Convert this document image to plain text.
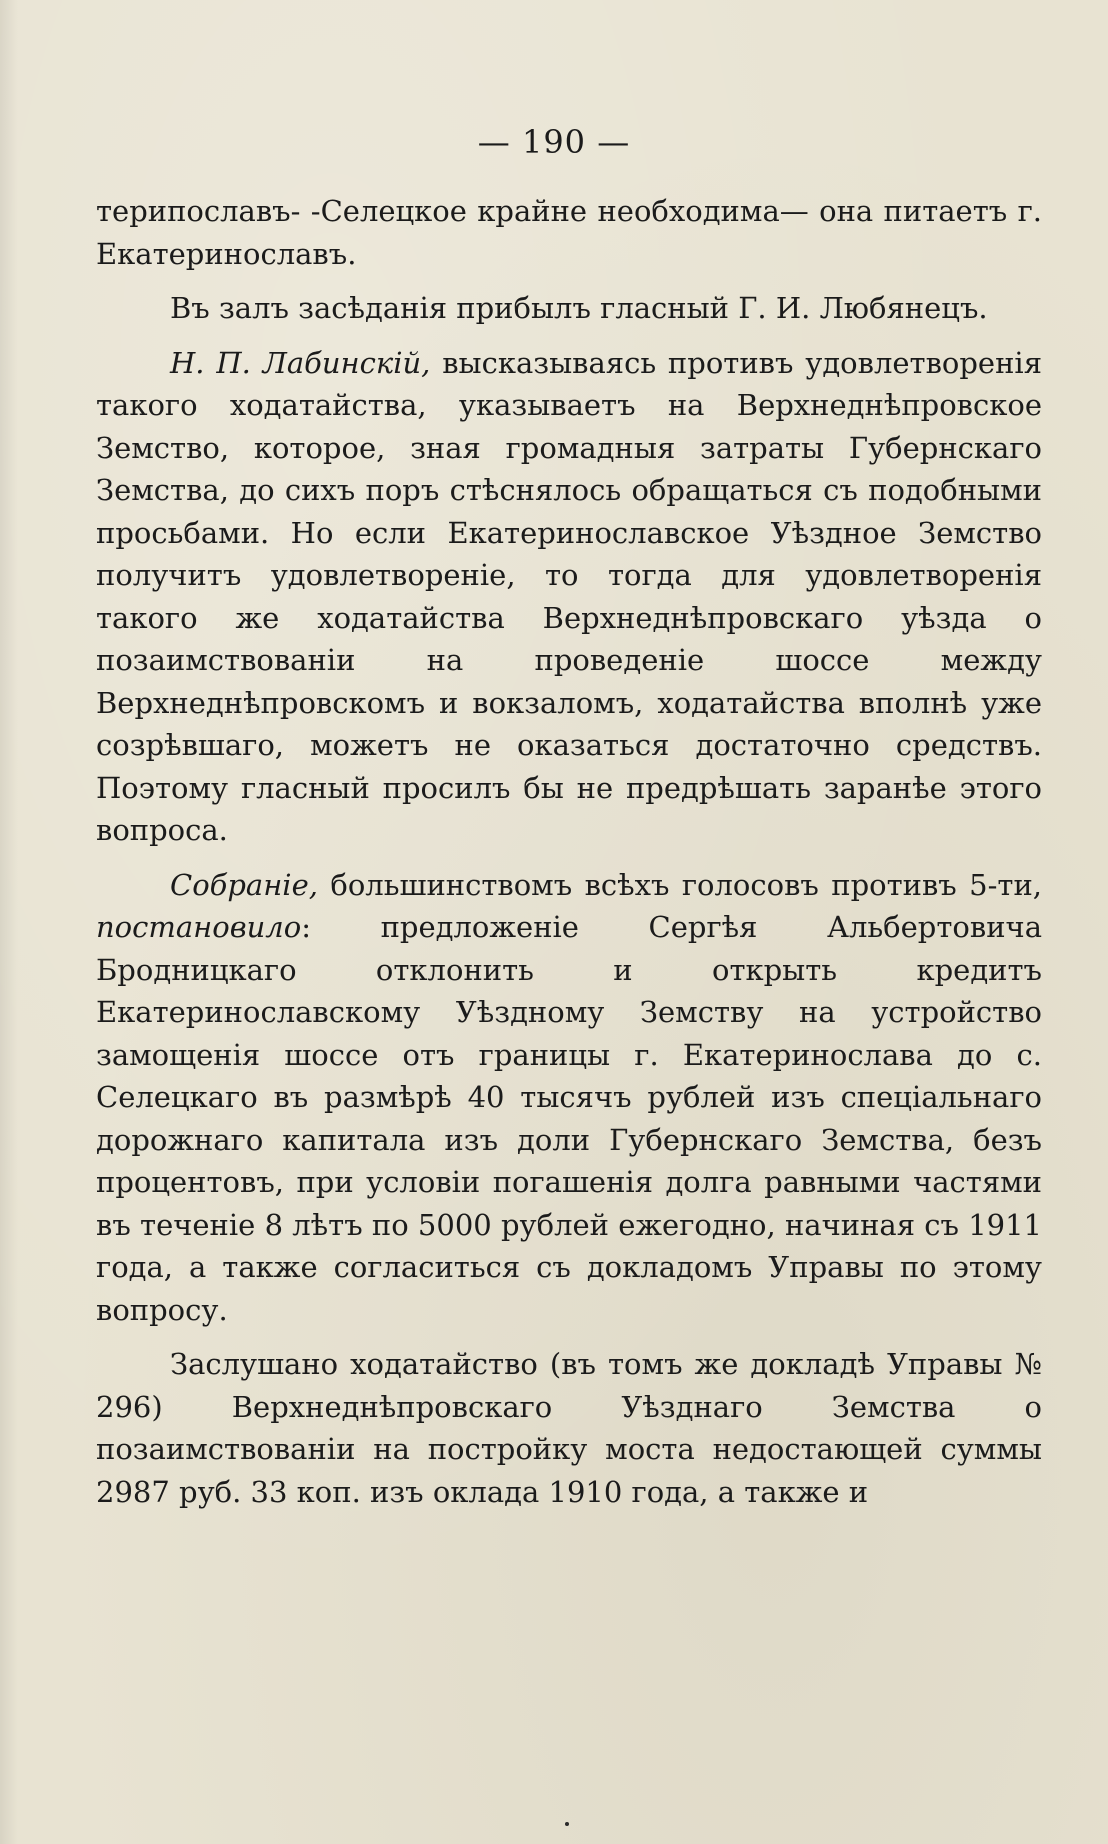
— 190 —

терипославъ- -Селецкое крайне необходима— она питаетъ г. Екатеринославъ.

Въ залъ засѣданія прибылъ гласный Г. И. Любянецъ.

Н. П. Лабинскій, высказываясь противъ удовлетворенія такого ходатайства, указываетъ на Верхнеднѣпровское Земство, которое, зная громадныя затраты Губернскаго Земства, до сихъ поръ стѣснялось обращаться съ подобными просьбами. Но если Екатеринославское Уѣздное Земство получитъ удовлетвореніе, то тогда для удовлетворенія такого же ходатайства Верхнеднѣпровскаго уѣзда о позаимствованіи на проведеніе шоссе между Верхнеднѣпровскомъ и вокзаломъ, ходатайства вполнѣ уже созрѣвшаго, можетъ не оказаться достаточно средствъ. Поэтому гласный просилъ бы не предрѣшать заранѣе этого вопроса.

Собраніе, большинствомъ всѣхъ голосовъ противъ 5-ти, постановило: предложеніе Сергѣя Альбертовича Бродницкаго отклонить и открыть кредитъ Екатеринославскому Уѣздному Земству на устройство замощенія шоссе отъ границы г. Екатеринослава до с. Селецкаго въ размѣрѣ 40 тысячъ рублей изъ спеціальнаго дорожнаго капитала изъ доли Губернскаго Земства, безъ процентовъ, при условіи погашенія долга равными частями въ теченіе 8 лѣтъ по 5000 рублей ежегодно, начиная съ 1911 года, а также согласиться съ докладомъ Управы по этому вопросу.

Заслушано ходатайство (въ томъ же докладѣ Управы № 296) Верхнеднѣпровскаго Уѣзднаго Земства о позаимствованіи на постройку моста недостающей суммы 2987 руб. 33 коп. изъ оклада 1910 года, а также и
